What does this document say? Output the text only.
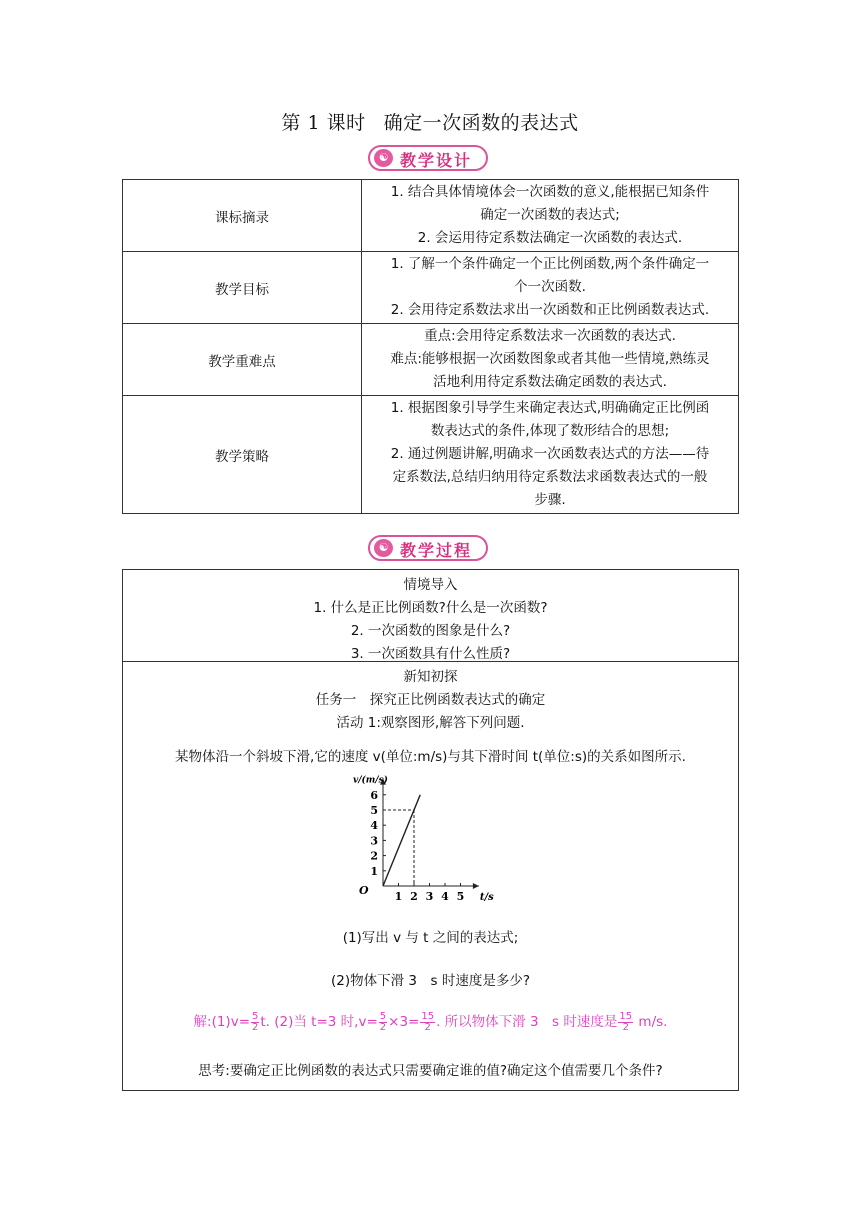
第 1 课时 确定一次函数的表达式
☯ 教学设计
课标摘录	1. 结合具体情境体会一次函数的意义,能根据已知条件
确定一次函数的表达式;
2. 会运用待定系数法确定一次函数的表达式.

教学目标	1. 了解一个条件确定一个正比例函数,两个条件确定一
个一次函数.
2. 会用待定系数法求出一次函数和正比例函数表达式.

教学重难点	重点:会用待定系数法求一次函数的表达式.
难点:能够根据一次函数图象或者其他一些情境,熟练灵
活地利用待定系数法确定函数的表达式.

教学策略	1. 根据图象引导学生来确定表达式,明确确定正比例函
数表达式的条件,体现了数形结合的思想;
2. 通过例题讲解,明确求一次函数表达式的方法——待
定系数法,总结归纳用待定系数法求函数表达式的一般
步骤.
☯ 教学过程
情境导入
1. 什么是正比例函数?什么是一次函数?
2. 一次函数的图象是什么?
3. 一次函数具有什么性质?
新知初探
任务一　探究正比例函数表达式的确定
活动 1:观察图形,解答下列问题.
某物体沿一个斜坡下滑,它的速度 v(单位:m/s)与其下滑时间 t(单位:s)的关系如图所示.
1 2 3 4 5
1
2
3
4
5
6
O
t/s
v/(m/s)
(1)写出 v 与 t 之间的表达式;
(2)物体下滑 3　s 时速度是多少?
解:(1)v= $\frac{5}{2} t$. (2)当 t=3 时$,v= \frac{5}{2} \times 3= \frac{15}{2}$ . 所以物体下滑 3　s 时速度是 $\frac{15}{2} m/s$.
思考:要确定正比例函数的表达式只需要确定谁的值?确定这个值需要几个条件?
